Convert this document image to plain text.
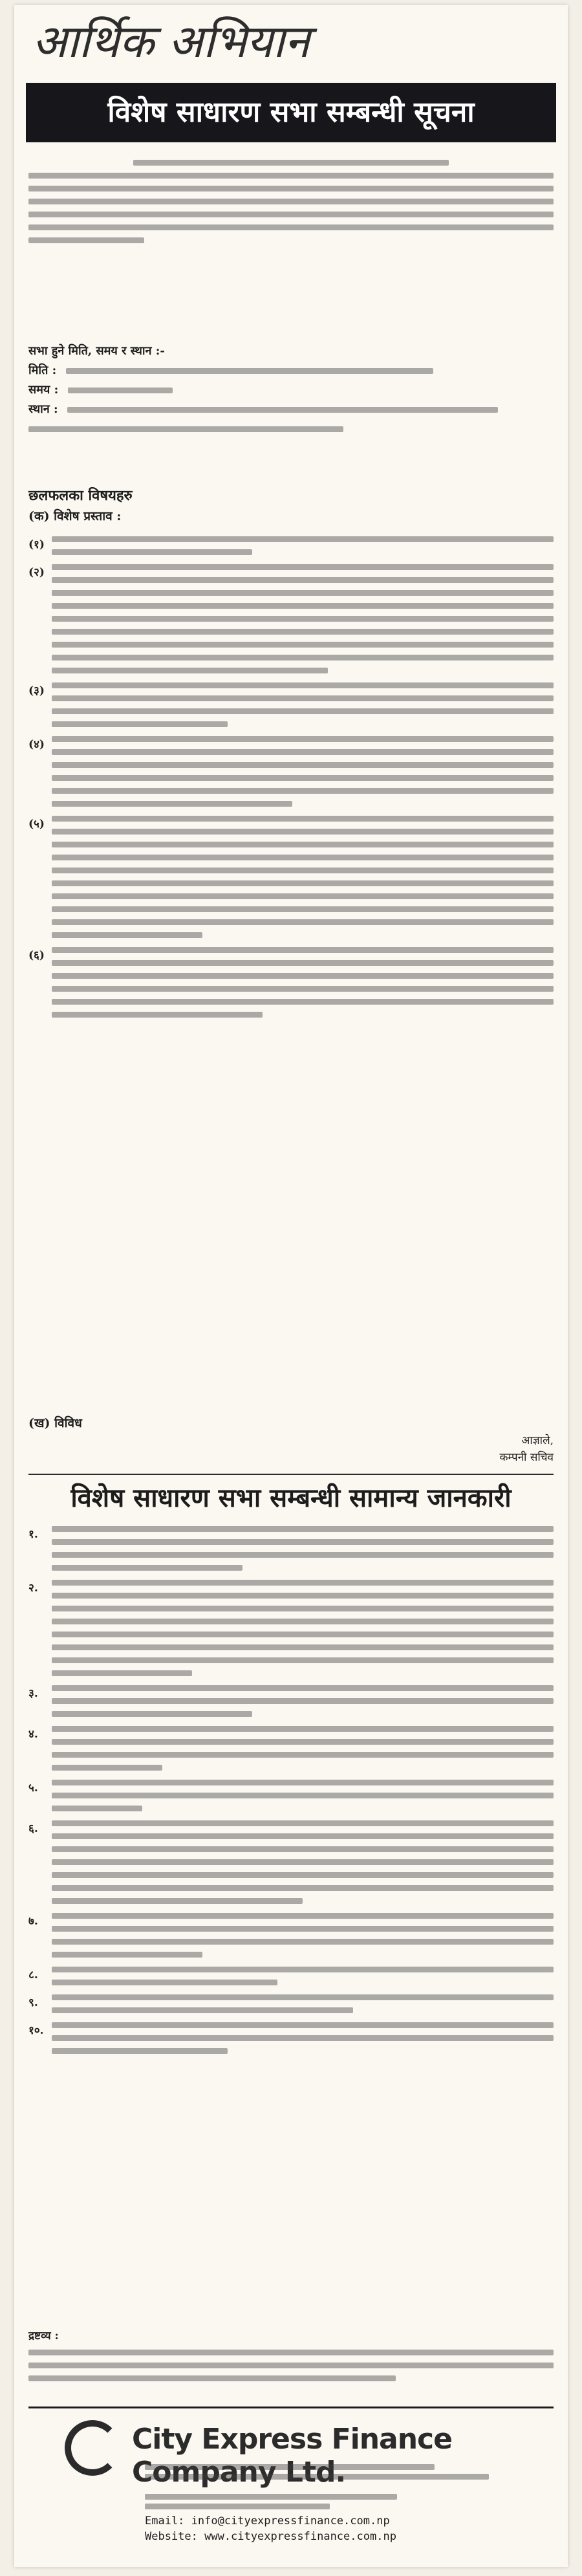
आर्थिक अभियान
विशेष साधारण सभा सम्बन्धी सूचना
सभा हुने मिति, समय र स्थान :-
मिति :
समय :
स्थान :
छलफलका विषयहरु
(क) विशेष प्रस्ताव :
(१)
(२)
(३)
(४)
(५)
(६)
(ख) विविध
आज्ञाले,
कम्पनी सचिव
विशेष साधारण सभा सम्बन्धी सामान्य जानकारी
१.
२.
३.
४.
५.
६.
७.
८.
९.
१०.
द्रष्टव्य :
City Express Finance Company Ltd.
Email: info@cityexpressfinance.com.np
Website: www.cityexpressfinance.com.np
